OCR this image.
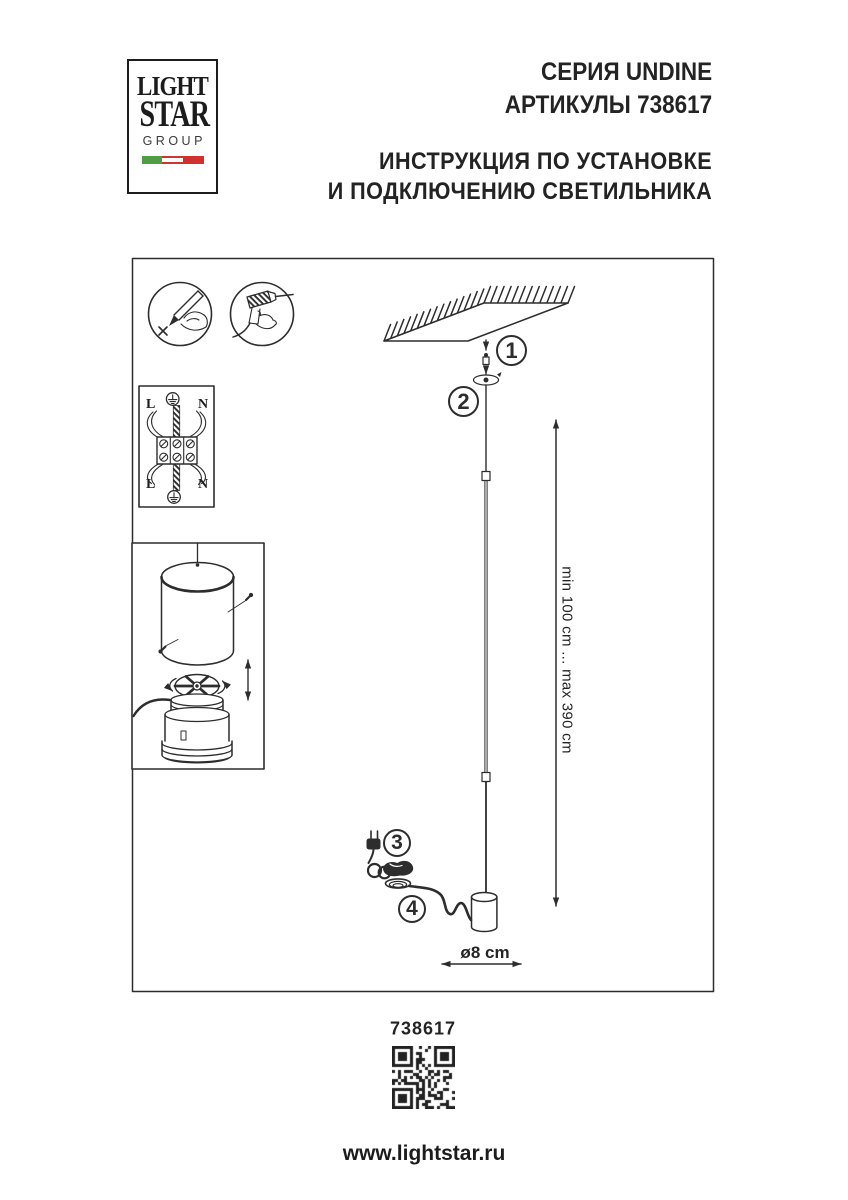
LIGHT
STAR
GROUP
СЕРИЯ UNDINE
АРТИКУЛЫ 738617
ИНСТРУКЦИЯ ПО УСТАНОВКЕ
И ПОДКЛЮЧЕНИЮ СВЕТИЛЬНИКА
1
2
3
4
L	N
L	N
min 100 cm ... max 390 cm
ø8 cm
738617
www.lightstar.ru
